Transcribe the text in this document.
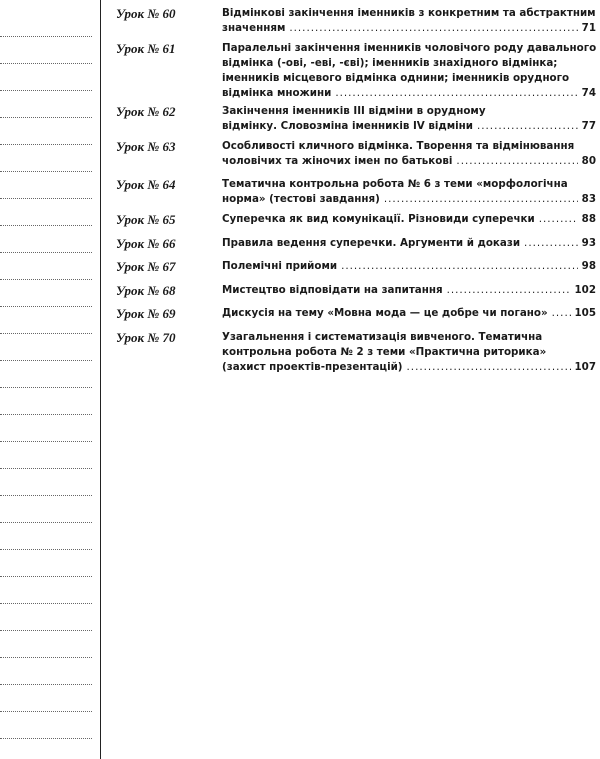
Урок № 60	Відмінкові закінчення іменників з конкретним та абстрактним
значенням .....	71
Урок № 61	Паралельні закінчення іменників чоловічого роду давального
відмінка (-ові, -еві, -єві); іменників знахідного відмінка;
іменників місцевого відмінка однини; іменників орудного
відмінка множини .....	74
Урок № 62	Закінчення іменників III відміни в орудному
відмінку. Словозміна іменників IV відміни .....	77
Урок № 63	Особливості кличного відмінка. Творення та відмінювання
чоловічих та жіночих імен по батькові .....	80
Урок № 64	Тематична контрольна робота № 6 з теми «морфологічна
норма» (тестові завдання) .....	83
Урок № 65	Суперечка як вид комунікації. Різновиди суперечки .....	88
Урок № 66	Правила ведення суперечки. Аргументи й докази .....	93
Урок № 67	Полемічні прийоми .....	98
Урок № 68	Мистецтво відповідати на запитання .....	102
Урок № 69	Дискусія на тему «Мовна мода — це добре чи погано» .....	105
Урок № 70	Узагальнення і систематизація вивченого. Тематична
контрольна робота № 2 з теми «Практична риторика»
(захист проектів-презентацій) .....	107
